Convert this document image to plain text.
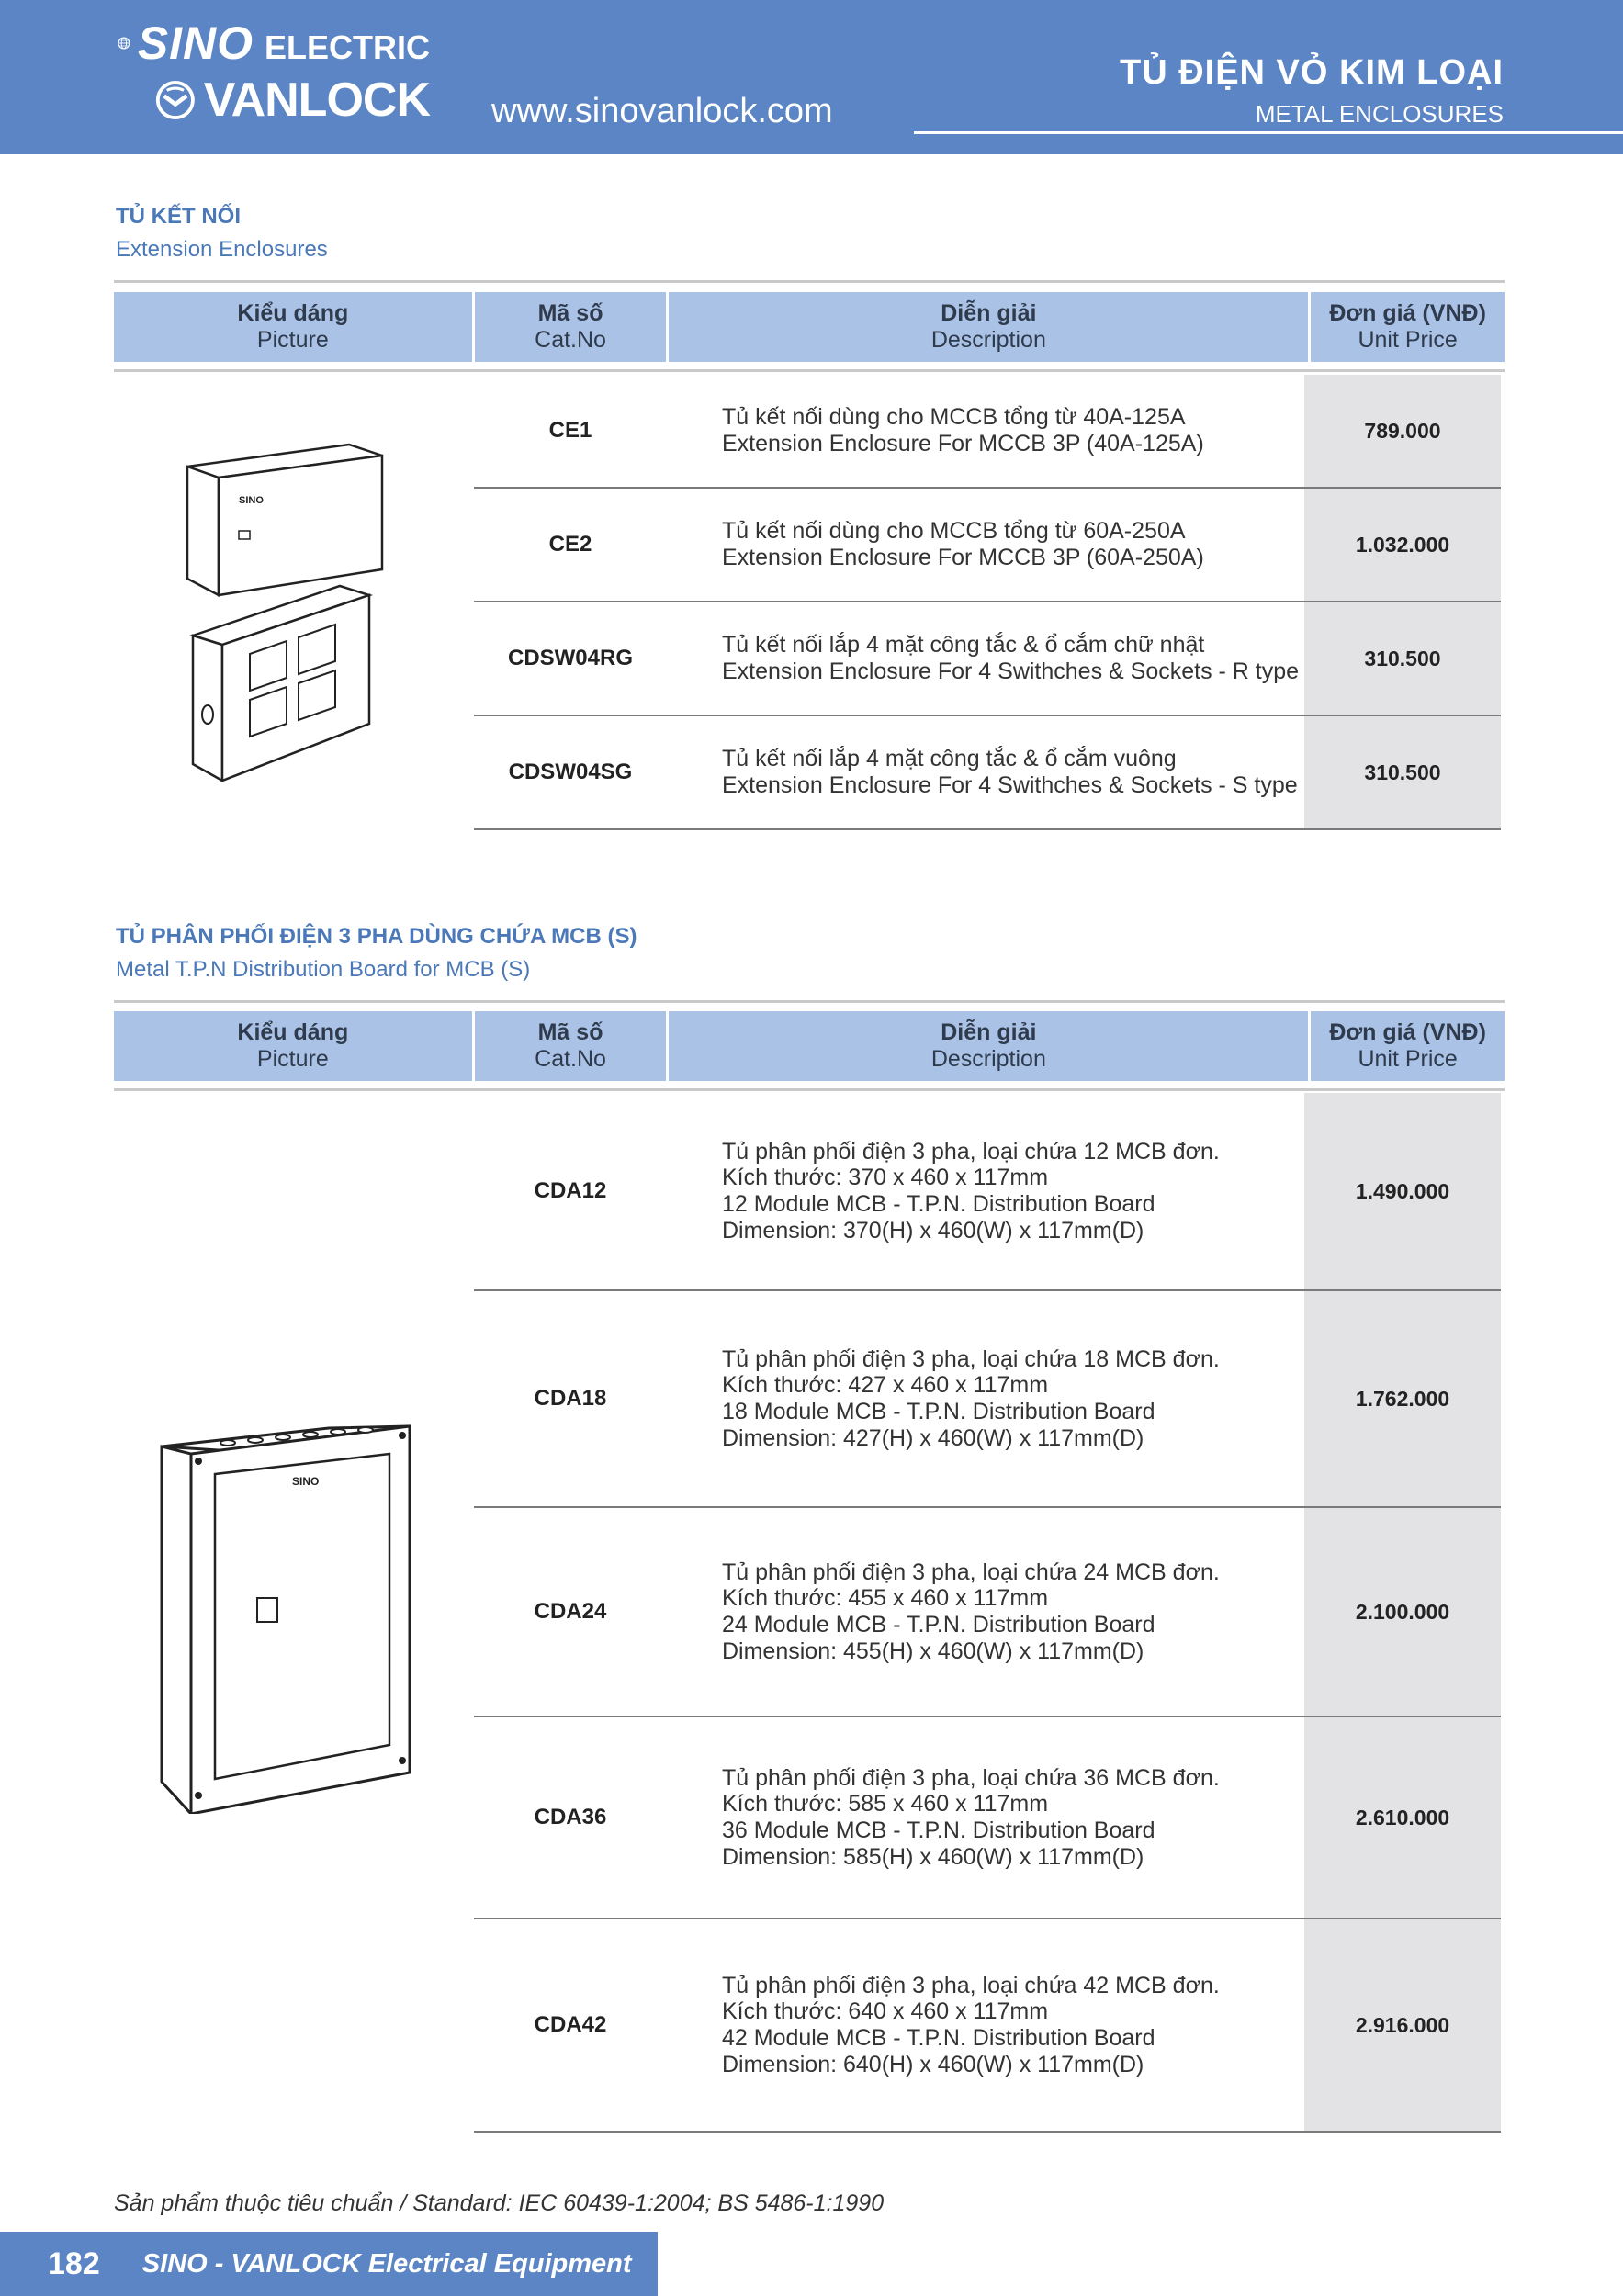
SINO ELECTRIC
VANLOCK www.sinovanlock.com
TỦ ĐIỆN VỎ KIM LOẠI
METAL ENCLOSURES
TỦ KẾT NỐI
Extension Enclosures
Kiểu dáng
Picture
Mã số
Cat.No
Diễn giải
Description
Đơn giá (VNĐ)
Unit Price
SINO
CE1
Tủ kết nối dùng cho MCCB tổng từ 40A-125A
Extension Enclosure For MCCB 3P (40A-125A)
789.000
CE2
Tủ kết nối dùng cho MCCB tổng từ 60A-250A
Extension Enclosure For MCCB 3P (60A-250A)
1.032.000
CDSW04RG
Tủ kết nối lắp 4 mặt công tắc & ổ cắm chữ nhật
Extension Enclosure For 4 Swithches & Sockets - R type
310.500
CDSW04SG
Tủ kết nối lắp 4 mặt công tắc & ổ cắm vuông
Extension Enclosure For 4 Swithches & Sockets - S type
310.500
TỦ PHÂN PHỐI ĐIỆN 3 PHA DÙNG CHỨA MCB (S)
Metal T.P.N Distribution Board for MCB (S)
Kiểu dáng
Picture
Mã số
Cat.No
Diễn giải
Description
Đơn giá (VNĐ)
Unit Price
SINO
CDA12
Tủ phân phối điện 3 pha, loại chứa 12 MCB đơn.
Kích thước: 370 x 460 x 117mm
12 Module MCB - T.P.N. Distribution Board
Dimension: 370(H) x 460(W) x 117mm(D)
1.490.000
CDA18
Tủ phân phối điện 3 pha, loại chứa 18 MCB đơn.
Kích thước: 427 x 460 x 117mm
18 Module MCB - T.P.N. Distribution Board
Dimension: 427(H) x 460(W) x 117mm(D)
1.762.000
CDA24
Tủ phân phối điện 3 pha, loại chứa 24 MCB đơn.
Kích thước: 455 x 460 x 117mm
24 Module MCB - T.P.N. Distribution Board
Dimension: 455(H) x 460(W) x 117mm(D)
2.100.000
CDA36
Tủ phân phối điện 3 pha, loại chứa 36 MCB đơn.
Kích thước: 585 x 460 x 117mm
36 Module MCB - T.P.N. Distribution Board
Dimension: 585(H) x 460(W) x 117mm(D)
2.610.000
CDA42
Tủ phân phối điện 3 pha, loại chứa 42 MCB đơn.
Kích thước: 640 x 460 x 117mm
42 Module MCB - T.P.N. Distribution Board
Dimension: 640(H) x 460(W) x 117mm(D)
2.916.000
Sản phẩm thuộc tiêu chuẩn / Standard: IEC 60439-1:2004; BS 5486-1:1990
182 SINO - VANLOCK Electrical Equipment
